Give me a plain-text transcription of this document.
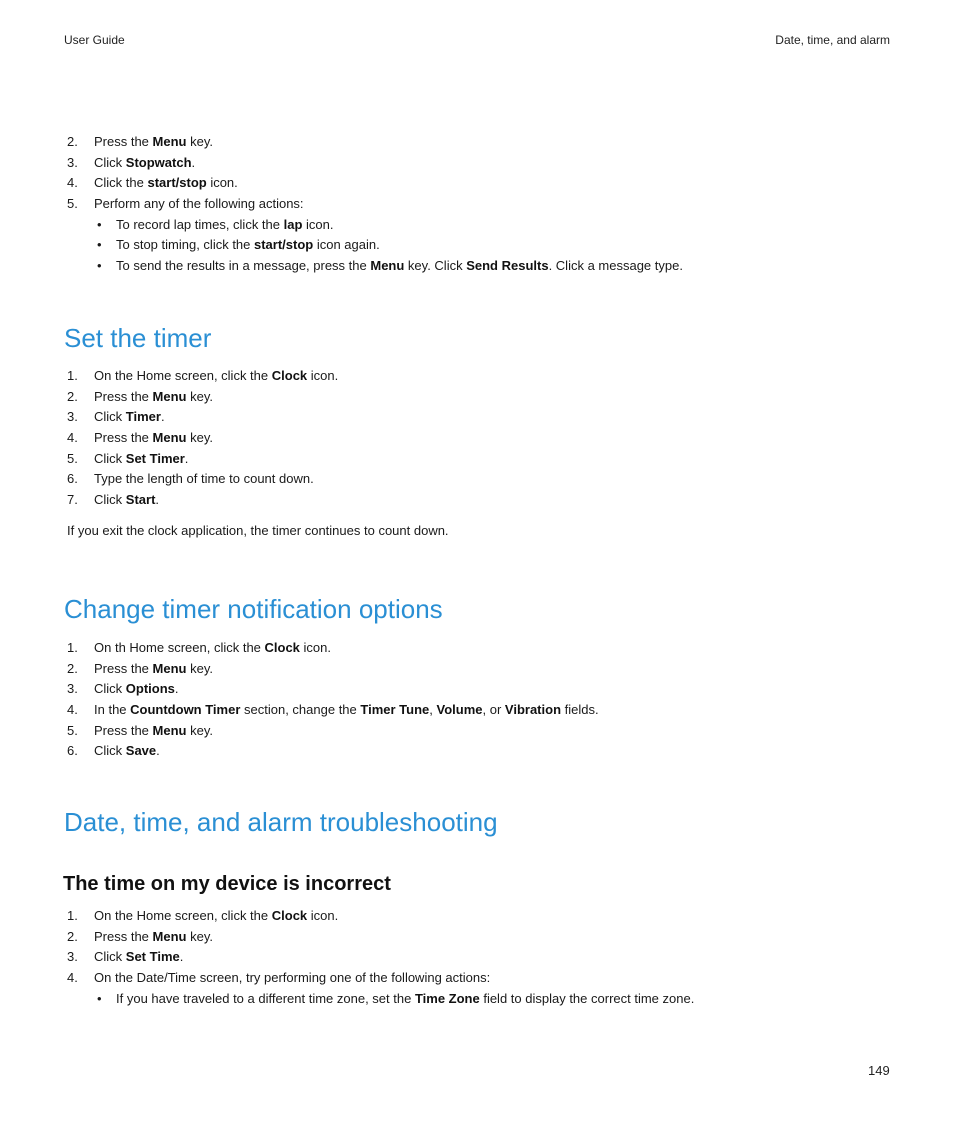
User Guide	Date, time, and alarm
2.	Press the Menu key.
3.	Click Stopwatch.
4.	Click the start/stop icon.
5.	Perform any of the following actions:
• To record lap times, click the lap icon.
• To stop timing, click the start/stop icon again.
• To send the results in a message, press the Menu key. Click Send Results. Click a message type.
Set the timer
1.	On the Home screen, click the Clock icon.
2.	Press the Menu key.
3.	Click Timer.
4.	Press the Menu key.
5.	Click Set Timer.
6.	Type the length of time to count down.
7.	Click Start.

If you exit the clock application, the timer continues to count down.

Change timer notification options
1.	On th Home screen, click the Clock icon.
2.	Press the Menu key.
3.	Click Options.
4.	In the Countdown Timer section, change the Timer Tune, Volume, or Vibration fields.
5.	Press the Menu key.
6.	Click Save.
Date, time, and alarm troubleshooting
The time on my device is incorrect
1.	On the Home screen, click the Clock icon.
2.	Press the Menu key.
3.	Click Set Time.
4.	On the Date/Time screen, try performing one of the following actions:
• If you have traveled to a different time zone, set the Time Zone field to display the correct time zone.
149
